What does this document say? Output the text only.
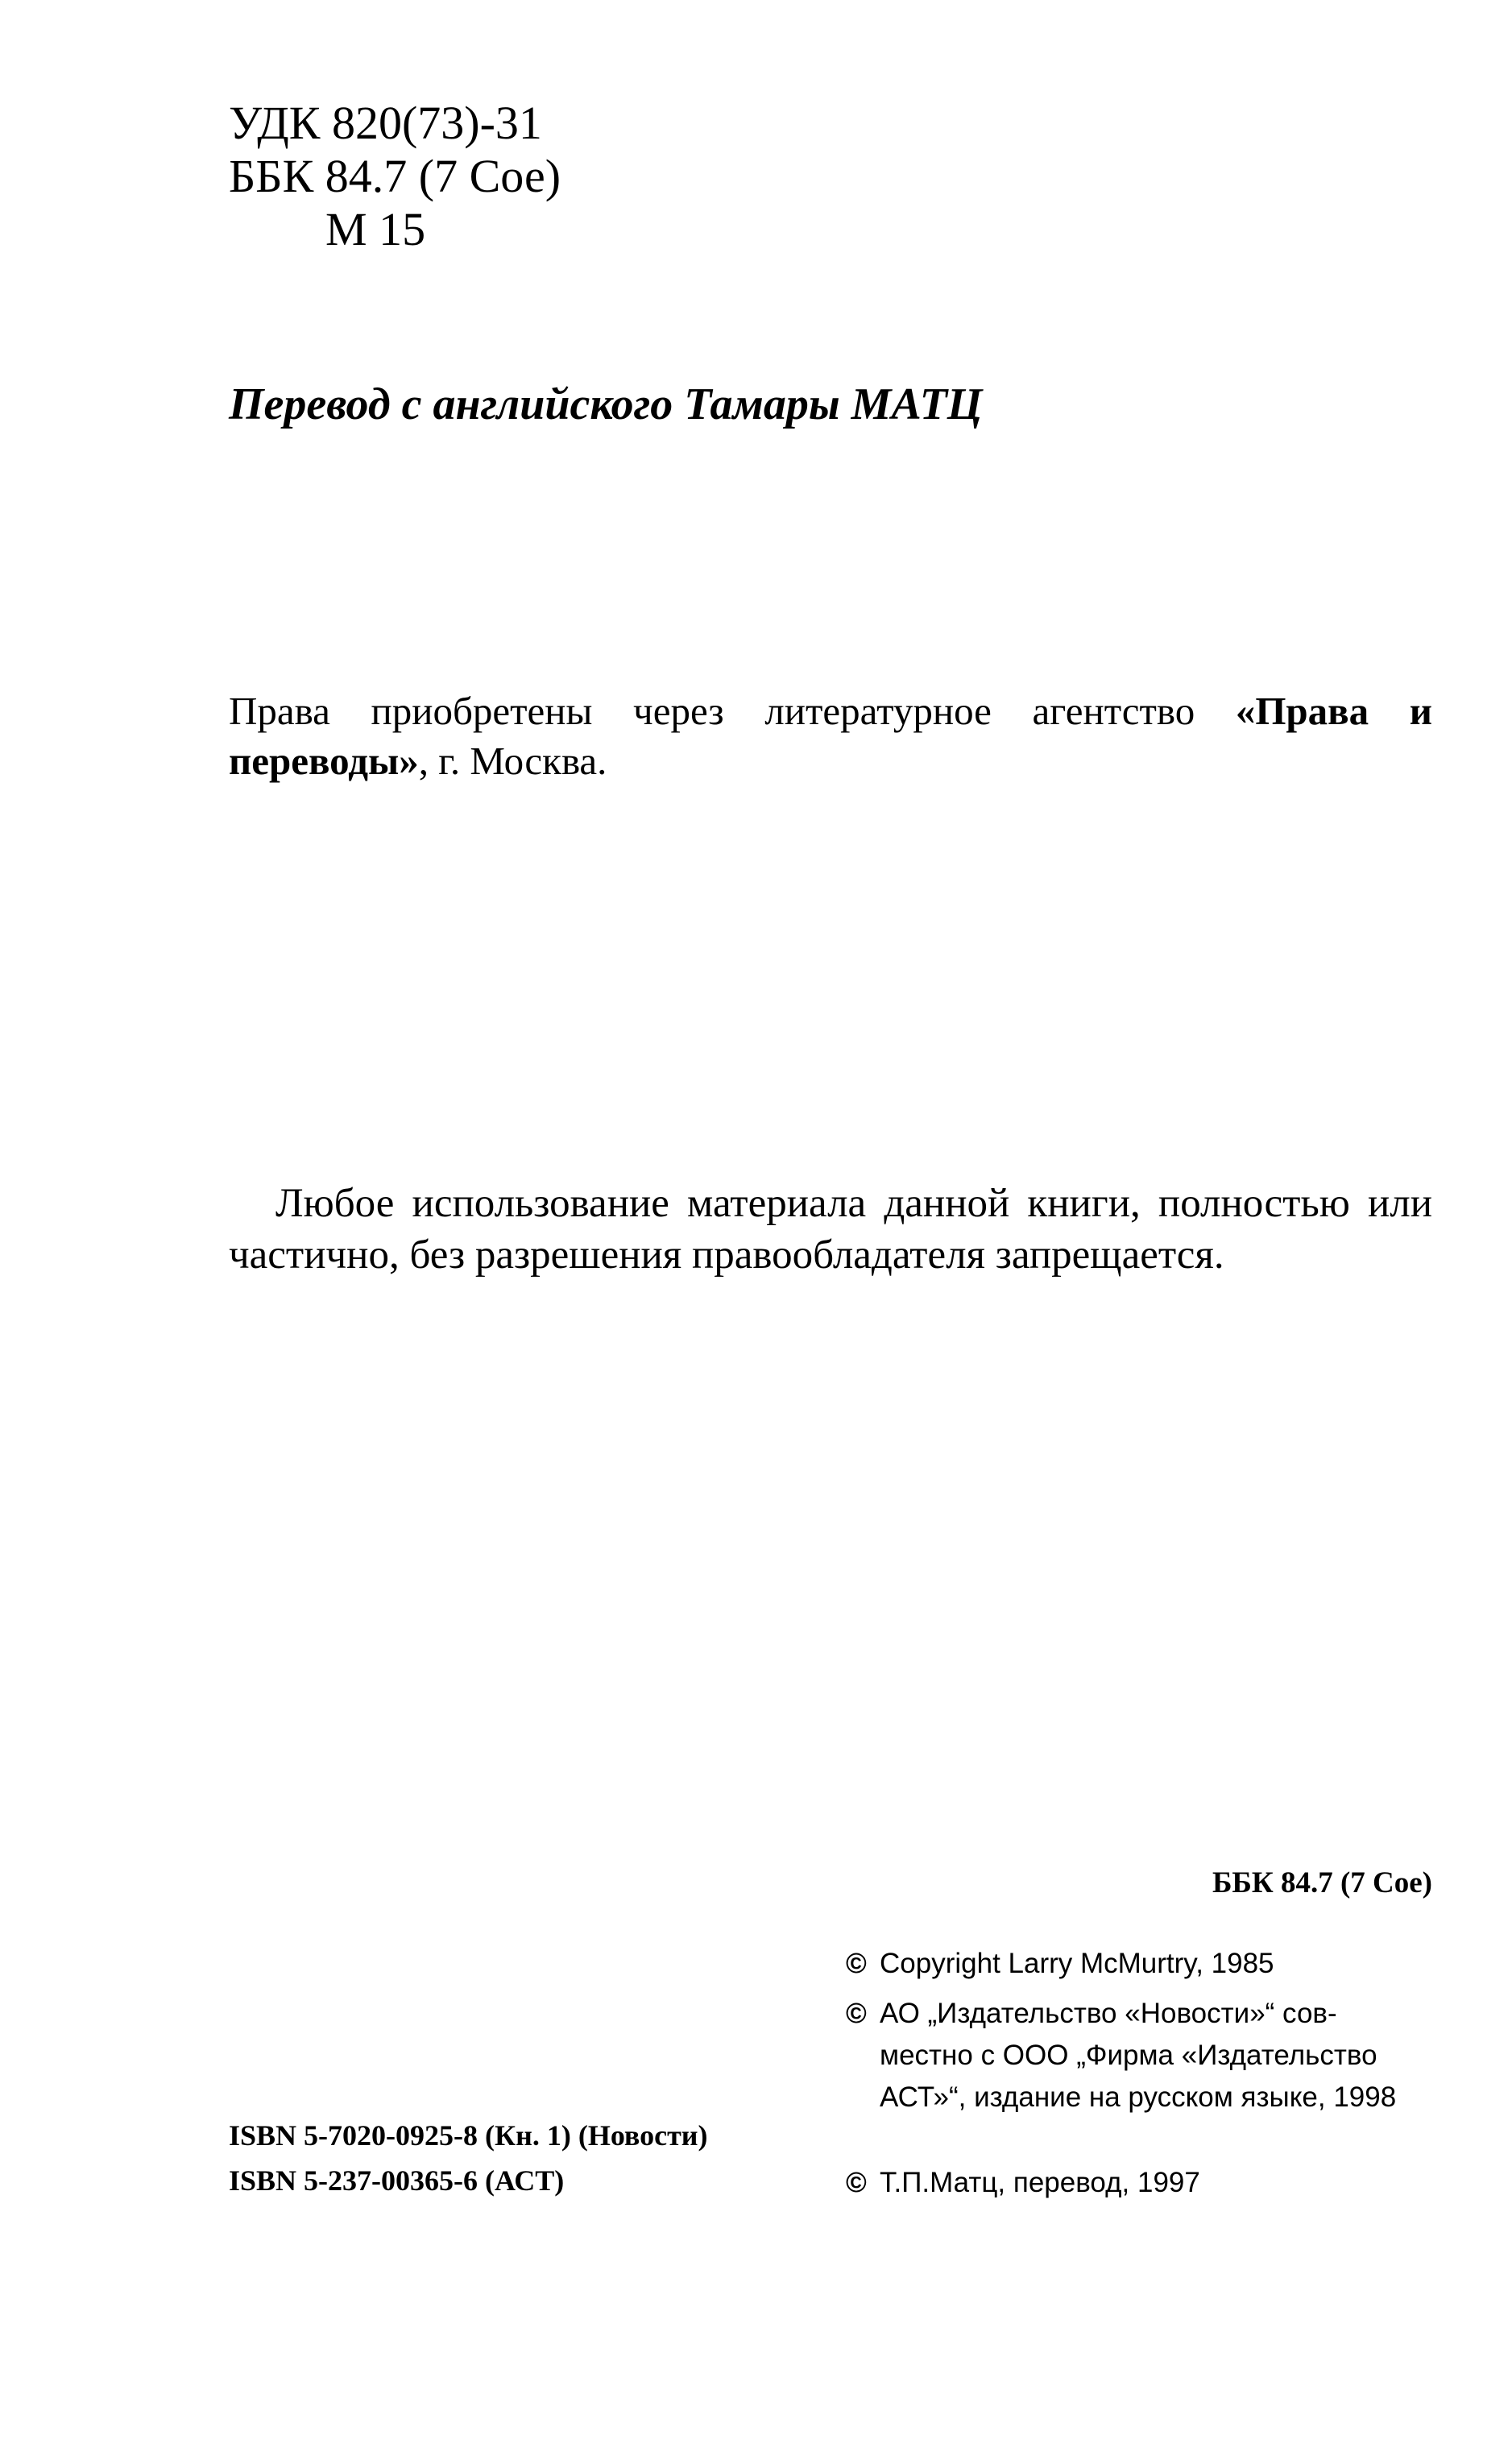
УДК 820(73)-31
ББК 84.7 (7 Сое)
М 15
Перевод с английского Тамары МАТЦ
Права приобретены через литературное агентство «Права и переводы», г. Москва.
Любое использование материала данной книги, полностью или частично, без разрешения правообладателя запрещается.
ББК 84.7 (7 Сое)
© Copyright Larry McMurtry, 1985
© АО „Издательство «Новости»“ сов-
местно с ООО „Фирма «Издательство АСТ»“, издание на русском языке, 1998
© Т.П.Матц, перевод, 1997
ISBN 5-7020-0925-8 (Кн. 1) (Новости)
ISBN 5-237-00365-6 (АСТ)
